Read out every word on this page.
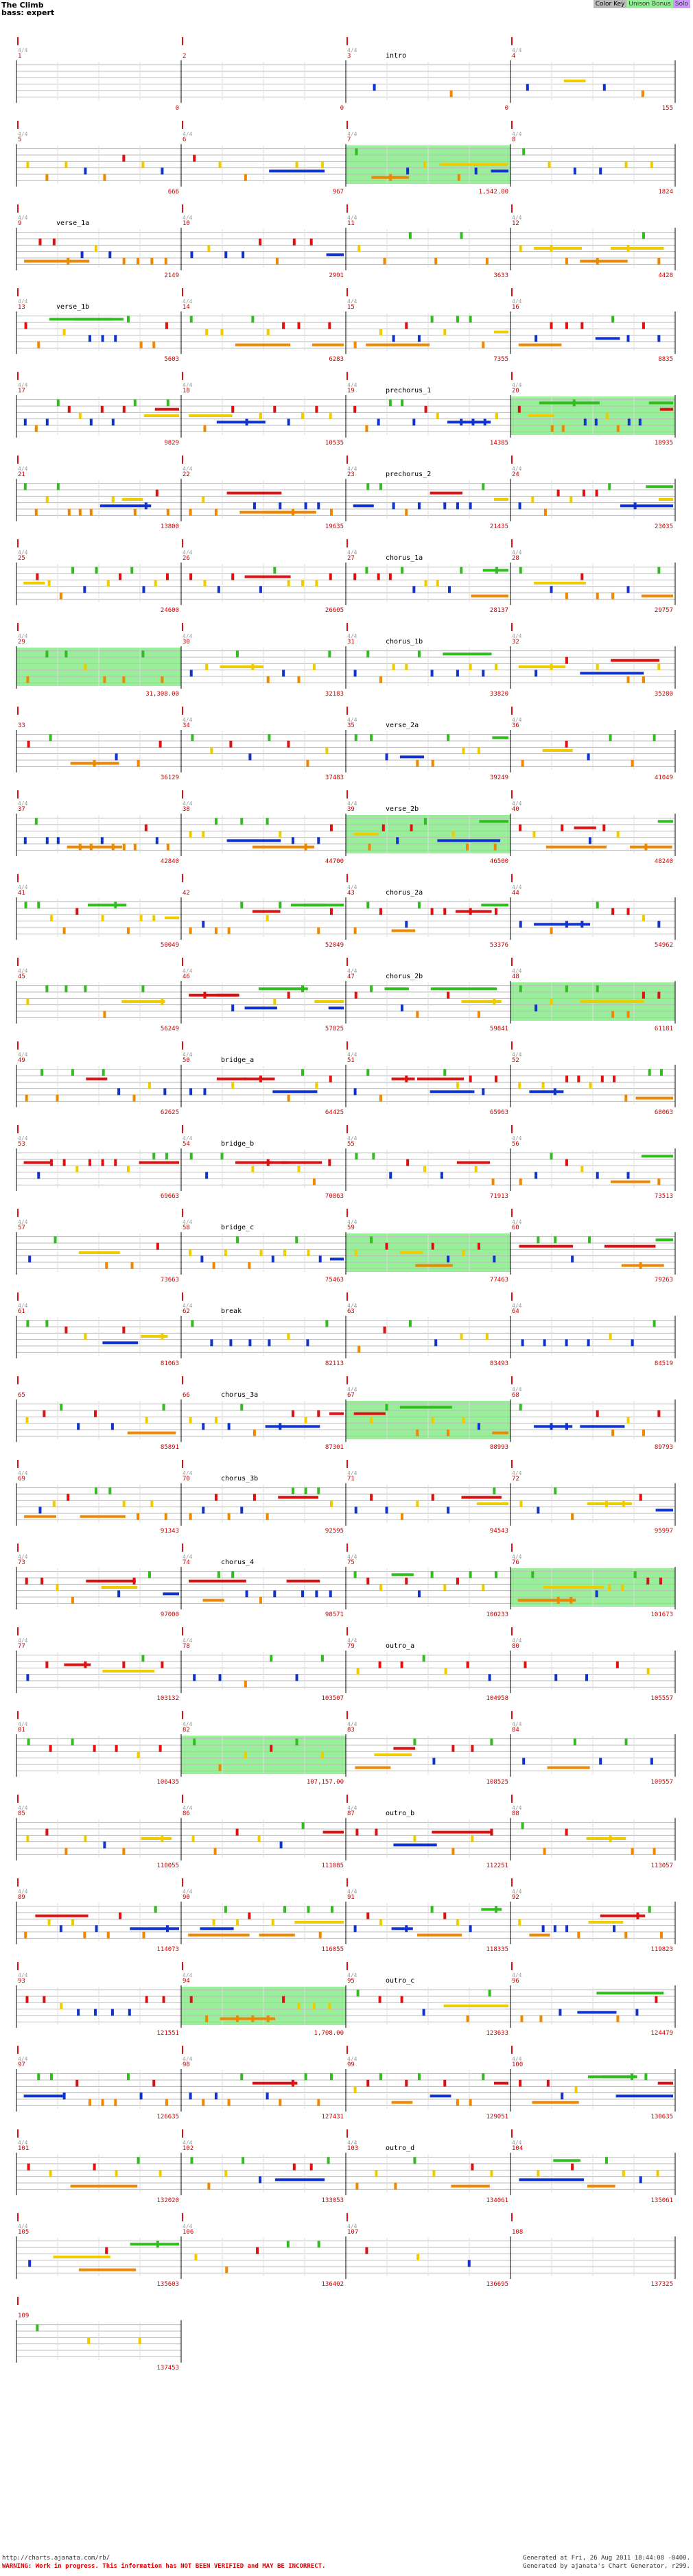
The Climb
bass: expert
Color Key Unison Bonus Solo
1
4/4
0
2
0
3
4/4
intro
0
4
4/4
155
5
4/4
666
6
4/4
967
7
4/4
1,542.00
8
4/4
1824
9
4/4
verse_1a
2149
10
4/4
2991
11
4/4
3633
12
4/4
4428
13
4/4
verse_1b
5603
14
4/4
6283
15
4/4
7355
16
4/4
8835
17
4/4
9829
18
4/4
10535
19
4/4
prechorus_1
14385
20
4/4
18935
21
4/4
13800
22
4/4
19635
23
4/4
prechorus_2
21435
24
4/4
23035
25
4/4
24600
26
4/4
26605
27
4/4
chorus_1a
28137
28
4/4
29757
29
4/4
31,308.00
30
4/4
32183
31
4/4
chorus_1b
33820
32
4/4
35280
33
36129
34
4/4
37483
35
4/4
verse_2a
39249
36
4/4
41049
37
4/4
42840
38
4/4
44700
39
4/4
verse_2b
46500
40
4/4
48240
41
4/4
50049
42
52049
43
4/4
chorus_2a
53376
44
4/4
54962
45
4/4
56249
46
4/4
57825
47
4/4
chorus_2b
59841
48
4/4
61181
49
4/4
62625
50
4/4
bridge_a
64425
51
4/4
65963
52
4/4
68063
53
4/4
69663
54
4/4
bridge_b
70863
55
4/4
71913
56
4/4
73513
57
4/4
73663
58
4/4
bridge_c
75463
59
4/4
77463
60
4/4
79263
61
4/4
81063
62
4/4
break
82113
63
4/4
83493
64
4/4
84519
65
85891
66	chorus_3a
87301
67
4/4
88993
68
4/4
89793
69
4/4
91343
70
4/4
chorus_3b
92595
71
4/4
94543
72
4/4
95997
73
4/4
97000
74
4/4
chorus_4
98571
75
4/4
100233
76
4/4
101673
77
4/4
103132
78
4/4
103507
79
4/4
outro_a
104958
80
4/4
105557
81
4/4
106435
82
4/4
107,157.00
83
4/4
108525
84
4/4
109557
85
4/4
110055
86
4/4
111085
87
4/4
outro_b
112251
88
4/4
113057
89
4/4
114073
90
4/4
116055
91
4/4
118335
92
4/4
119823
93
4/4
121551
94
4/4
1,708.00
95
4/4
outro_c
123633
96
4/4
124479
97
4/4
126635
98
4/4
127431
99
4/4
129051
100
4/4
130635
101
4/4
132020
102
4/4
133053
103
4/4
outro_d
134061
104
4/4
135061
105
4/4
135603
106
4/4
136402
107
4/4
136695
108
137325
109
137453
http://charts.ajanata.com/rb/
WARNING: Work in progress. This information has NOT BEEN VERIFIED and MAY BE INCORRECT.
Generated at Fri, 26 Aug 2011 18:44:08 -0400.
Generated by ajanata's Chart Generator, r299.
